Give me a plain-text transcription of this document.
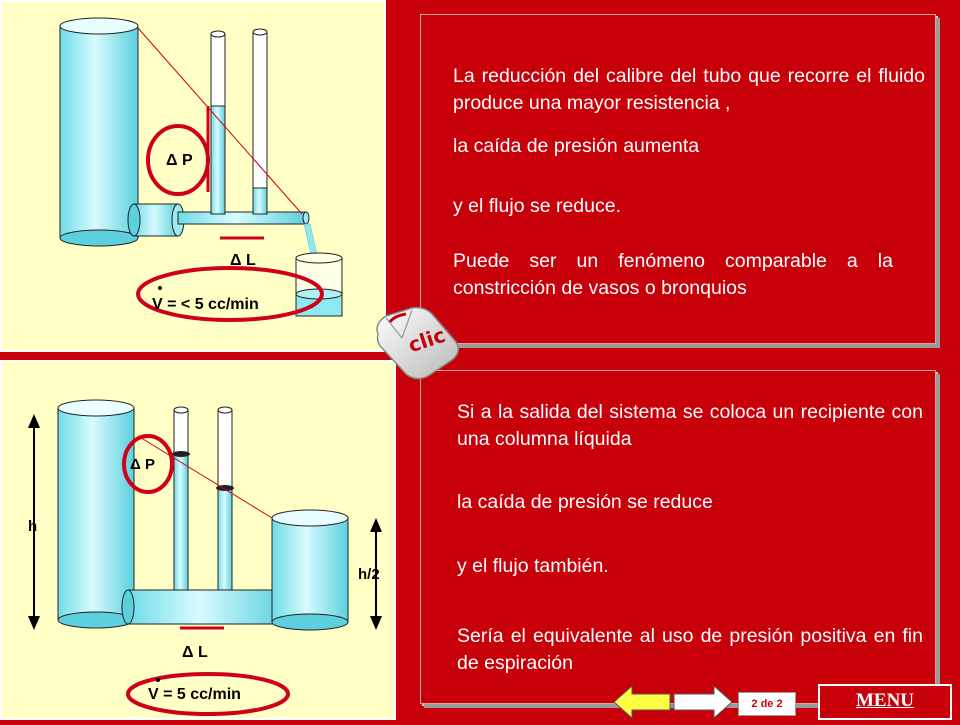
Δ P
Δ L
V = < 5 cc/min
Δ P
h
h/2
Δ L
V = 5 cc/min
La reducción del calibre del tubo que recorre el fluido produce una mayor resistencia ,
la caída de presión aumenta
y el flujo se reduce.
Puede ser un fenómeno comparable a la constricción de vasos o bronquios
Si a la salida del sistema se coloca un recipiente con una columna líquida
la caída de presión se reduce
y el flujo también.
Sería el equivalente al uso de presión positiva en fin de espiración
clic
2 de 2	MENU
